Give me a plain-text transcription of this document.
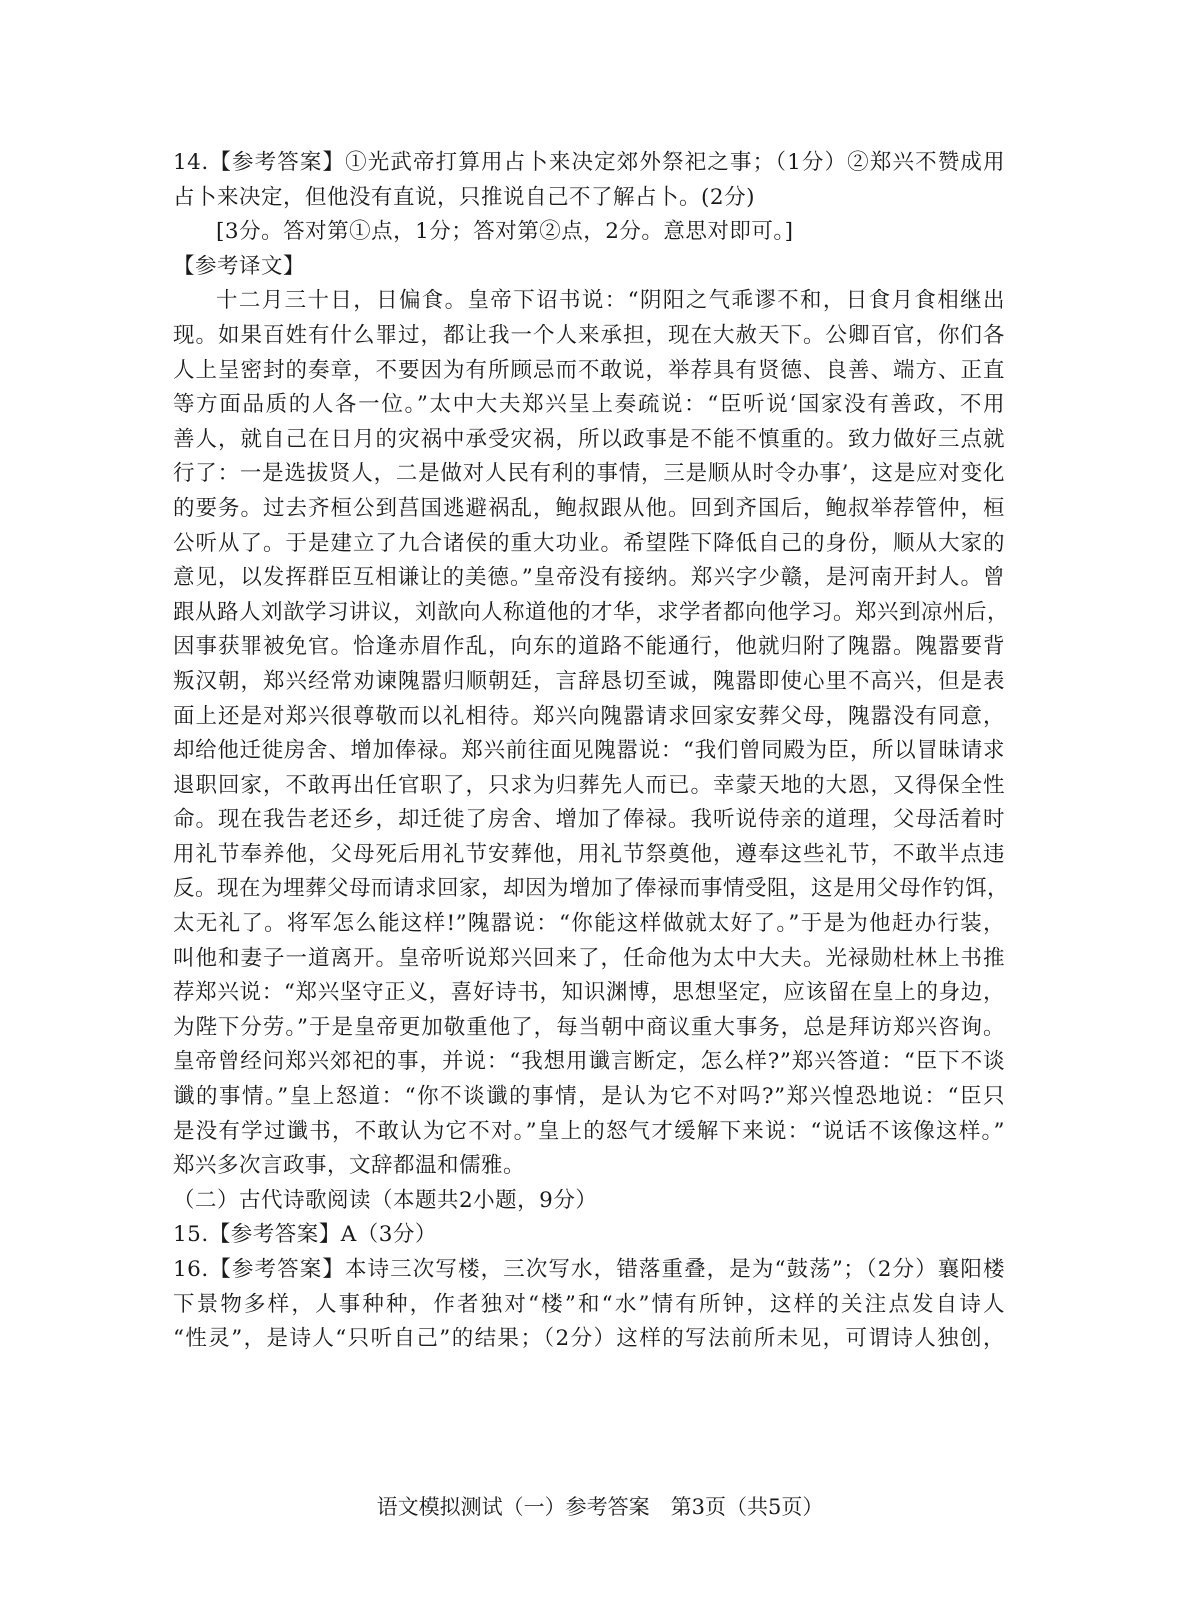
14.【参考答案】①光武帝打算用占卜来决定郊外祭祀之事；（1分）②郑兴不赞成用
占卜来决定，但他没有直说，只推说自己不了解占卜。(2分)
[3分。答对第①点，1分；答对第②点，2分。意思对即可。]
【参考译文】
十二月三十日，日偏食。皇帝下诏书说：“阴阳之气乖谬不和，日食月食相继出
现。如果百姓有什么罪过，都让我一个人来承担，现在大赦天下。公卿百官，你们各
人上呈密封的奏章，不要因为有所顾忌而不敢说，举荐具有贤德、良善、端方、正直
等方面品质的人各一位。”太中大夫郑兴呈上奏疏说：“臣听说‘国家没有善政，不用
善人，就自己在日月的灾祸中承受灾祸，所以政事是不能不慎重的。致力做好三点就
行了：一是选拔贤人，二是做对人民有利的事情，三是顺从时令办事’，这是应对变化
的要务。过去齐桓公到莒国逃避祸乱，鲍叔跟从他。回到齐国后，鲍叔举荐管仲，桓
公听从了。于是建立了九合诸侯的重大功业。希望陛下降低自己的身份，顺从大家的
意见，以发挥群臣互相谦让的美德。”皇帝没有接纳。郑兴字少赣，是河南开封人。曾
跟从路人刘歆学习讲议，刘歆向人称道他的才华，求学者都向他学习。郑兴到凉州后，
因事获罪被免官。恰逢赤眉作乱，向东的道路不能通行，他就归附了隗嚣。隗嚣要背
叛汉朝，郑兴经常劝谏隗嚣归顺朝廷，言辞恳切至诚，隗嚣即使心里不高兴，但是表
面上还是对郑兴很尊敬而以礼相待。郑兴向隗嚣请求回家安葬父母，隗嚣没有同意，
却给他迁徙房舍、增加俸禄。郑兴前往面见隗嚣说：“我们曾同殿为臣，所以冒昧请求
退职回家，不敢再出任官职了，只求为归葬先人而已。幸蒙天地的大恩，又得保全性
命。现在我告老还乡，却迁徙了房舍、增加了俸禄。我听说侍亲的道理，父母活着时
用礼节奉养他，父母死后用礼节安葬他，用礼节祭奠他，遵奉这些礼节，不敢半点违
反。现在为埋葬父母而请求回家，却因为增加了俸禄而事情受阻，这是用父母作钓饵，
太无礼了。将军怎么能这样!”隗嚣说：“你能这样做就太好了。”于是为他赶办行装，
叫他和妻子一道离开。皇帝听说郑兴回来了，任命他为太中大夫。光禄勋杜林上书推
荐郑兴说：“郑兴坚守正义，喜好诗书，知识渊博，思想坚定，应该留在皇上的身边，
为陛下分劳。”于是皇帝更加敬重他了，每当朝中商议重大事务，总是拜访郑兴咨询。
皇帝曾经问郑兴郊祀的事，并说：“我想用谶言断定，怎么样?”郑兴答道：“臣下不谈
谶的事情。”皇上怒道：“你不谈谶的事情，是认为它不对吗?”郑兴惶恐地说：“臣只
是没有学过谶书，不敢认为它不对。”皇上的怒气才缓解下来说：“说话不该像这样。”
郑兴多次言政事，文辞都温和儒雅。
（二）古代诗歌阅读（本题共2小题，9分）
15.【参考答案】A（3分）
16.【参考答案】本诗三次写楼，三次写水，错落重叠，是为“鼓荡”；（2分）襄阳楼
下景物多样，人事种种，作者独对“楼”和“水”情有所钟，这样的关注点发自诗人
“性灵”，是诗人“只听自己”的结果；（2分）这样的写法前所未见，可谓诗人独创，
语文模拟测试（一）参考答案　第3页（共5页）
